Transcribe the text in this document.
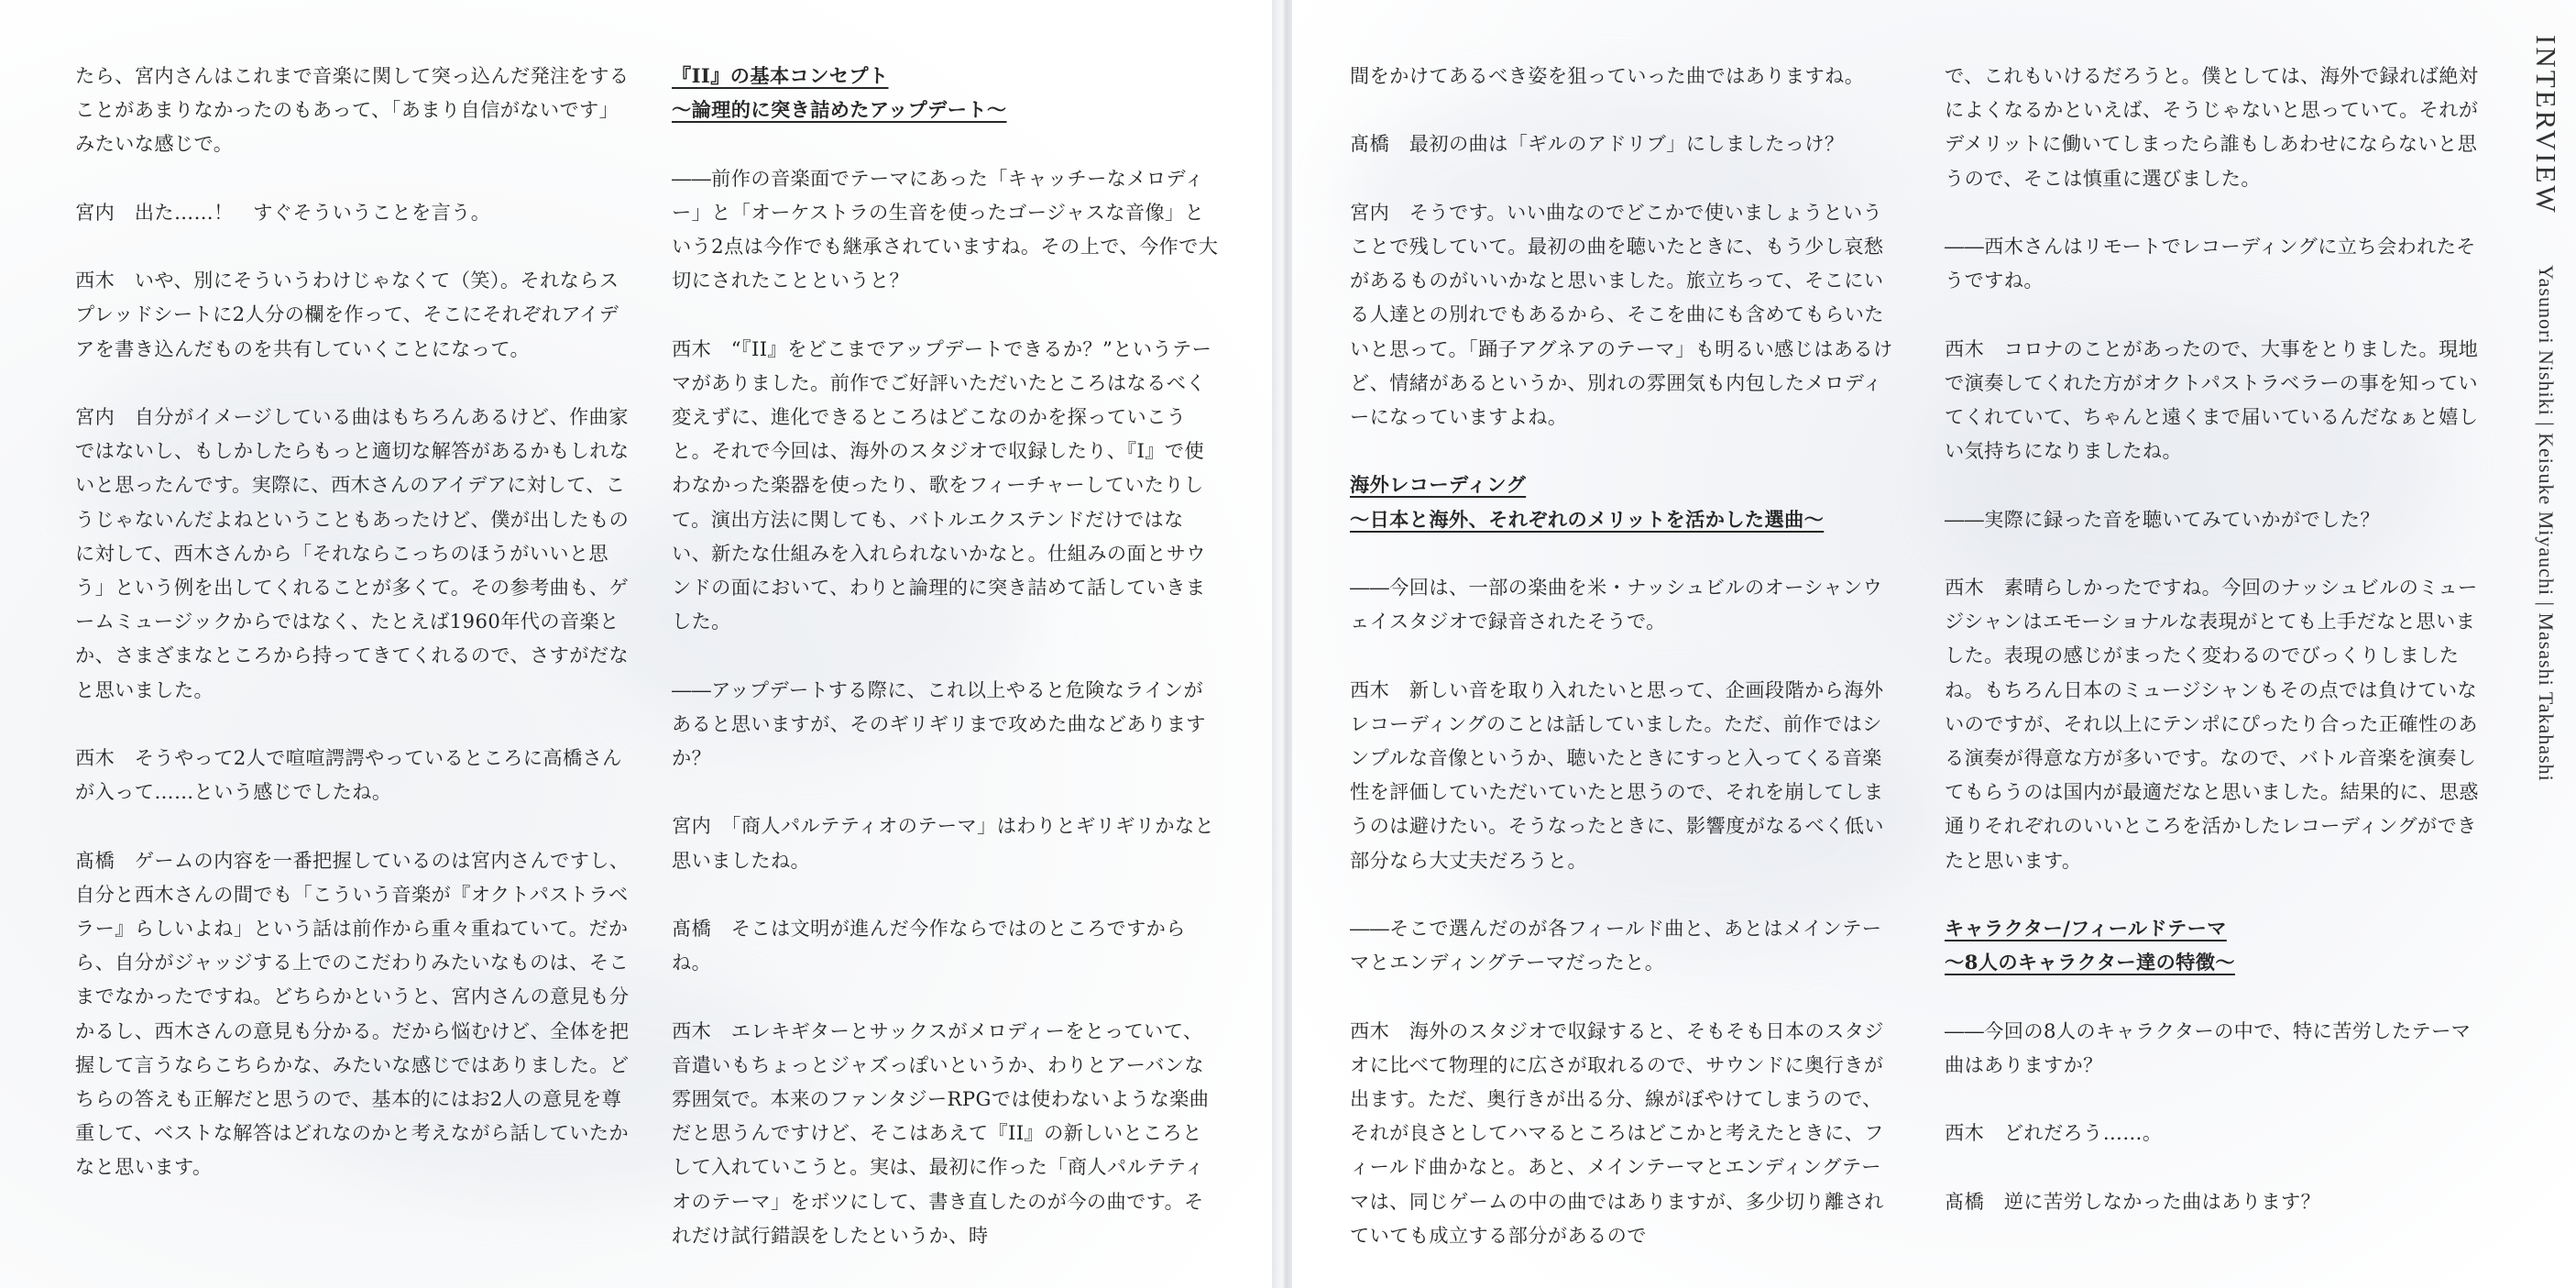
たら、宮内さんはこれまで音楽に関して突っ込んだ発注をすることがあまりなかったのもあって、「あまり自信がないです」みたいな感じで。

宮内　出た……！　すぐそういうことを言う。

西木　いや、別にそういうわけじゃなくて（笑）。それならスプレッドシートに2人分の欄を作って、そこにそれぞれアイデアを書き込んだものを共有していくことになって。

宮内　自分がイメージしている曲はもちろんあるけど、作曲家ではないし、もしかしたらもっと適切な解答があるかもしれないと思ったんです。実際に、西木さんのアイデアに対して、こうじゃないんだよねということもあったけど、僕が出したものに対して、西木さんから「それならこっちのほうがいいと思う」という例を出してくれることが多くて。その参考曲も、ゲームミュージックからではなく、たとえば1960年代の音楽とか、さまざまなところから持ってきてくれるので、さすがだなと思いました。

西木　そうやって2人で喧喧諤諤やっているところに高橋さんが入って……という感じでしたね。

髙橋　ゲームの内容を一番把握しているのは宮内さんですし、自分と西木さんの間でも「こういう音楽が『オクトパストラベラー』らしいよね」という話は前作から重々重ねていて。だから、自分がジャッジする上でのこだわりみたいなものは、そこまでなかったですね。どちらかというと、宮内さんの意見も分かるし、西木さんの意見も分かる。だから悩むけど、全体を把握して言うならこちらかな、みたいな感じではありました。どちらの答えも正解だと思うので、基本的にはお2人の意見を尊重して、ベストな解答はどれなのかと考えながら話していたかなと思います。

『II』の基本コンセプト
〜論理的に突き詰めたアップデート〜

――前作の音楽面でテーマにあった「キャッチーなメロディー」と「オーケストラの生音を使ったゴージャスな音像」という2点は今作でも継承されていますね。その上で、今作で大切にされたことというと？

西木　“『II』をどこまでアップデートできるか？”というテーマがありました。前作でご好評いただいたところはなるべく変えずに、進化できるところはどこなのかを探っていこうと。それで今回は、海外のスタジオで収録したり、『I』で使わなかった楽器を使ったり、歌をフィーチャーしていたりして。演出方法に関しても、バトルエクステンドだけではない、新たな仕組みを入れられないかなと。仕組みの面とサウンドの面において、わりと論理的に突き詰めて話していきました。

――アップデートする際に、これ以上やると危険なラインがあると思いますが、そのギリギリまで攻めた曲などありますか？

宮内　「商人パルテティオのテーマ」はわりとギリギリかなと思いましたね。

髙橋　そこは文明が進んだ今作ならではのところですからね。

西木　エレキギターとサックスがメロディーをとっていて、音遣いもちょっとジャズっぽいというか、わりとアーバンな雰囲気で。本来のファンタジーRPGでは使わないような楽曲だと思うんですけど、そこはあえて『II』の新しいところとして入れていこうと。実は、最初に作った「商人パルテティオのテーマ」をボツにして、書き直したのが今の曲です。それだけ試行錯誤をしたというか、時

間をかけてあるべき姿を狙っていった曲ではありますね。

髙橋　最初の曲は「ギルのアドリブ」にしましたっけ？

宮内　そうです。いい曲なのでどこかで使いましょうということで残していて。最初の曲を聴いたときに、もう少し哀愁があるものがいいかなと思いました。旅立ちって、そこにいる人達との別れでもあるから、そこを曲にも含めてもらいたいと思って。「踊子アグネアのテーマ」も明るい感じはあるけど、情緒があるというか、別れの雰囲気も内包したメロディーになっていますよね。

海外レコーディング
〜日本と海外、それぞれのメリットを活かした選曲〜

――今回は、一部の楽曲を米・ナッシュビルのオーシャンウェイスタジオで録音されたそうで。

西木　新しい音を取り入れたいと思って、企画段階から海外レコーディングのことは話していました。ただ、前作ではシンプルな音像というか、聴いたときにすっと入ってくる音楽性を評価していただいていたと思うので、それを崩してしまうのは避けたい。そうなったときに、影響度がなるべく低い部分なら大丈夫だろうと。

――そこで選んだのが各フィールド曲と、あとはメインテーマとエンディングテーマだったと。

西木　海外のスタジオで収録すると、そもそも日本のスタジオに比べて物理的に広さが取れるので、サウンドに奥行きが出ます。ただ、奥行きが出る分、線がぼやけてしまうので、それが良さとしてハマるところはどこかと考えたときに、フィールド曲かなと。あと、メインテーマとエンディングテーマは、同じゲームの中の曲ではありますが、多少切り離されていても成立する部分があるので

で、これもいけるだろうと。僕としては、海外で録れば絶対によくなるかといえば、そうじゃないと思っていて。それがデメリットに働いてしまったら誰もしあわせにならないと思うので、そこは慎重に選びました。

――西木さんはリモートでレコーディングに立ち会われたそうですね。

西木　コロナのことがあったので、大事をとりました。現地で演奏してくれた方がオクトパストラベラーの事を知っていてくれていて、ちゃんと遠くまで届いているんだなぁと嬉しい気持ちになりましたね。

――実際に録った音を聴いてみていかがでした？

西木　素晴らしかったですね。今回のナッシュビルのミュージシャンはエモーショナルな表現がとても上手だなと思いました。表現の感じがまったく変わるのでびっくりしましたね。もちろん日本のミュージシャンもその点では負けていないのですが、それ以上にテンポにぴったり合った正確性のある演奏が得意な方が多いです。なので、バトル音楽を演奏してもらうのは国内が最適だなと思いました。結果的に、思惑通りそれぞれのいいところを活かしたレコーディングができたと思います。

キャラクター/フィールドテーマ
〜8人のキャラクター達の特徴〜

――今回の8人のキャラクターの中で、特に苦労したテーマ曲はありますか？

西木　どれだろう……。

髙橋　逆に苦労しなかった曲はあります？

INTERVIEW Yasunori Nishiki | Keisuke Miyauchi | Masashi Takahashi
